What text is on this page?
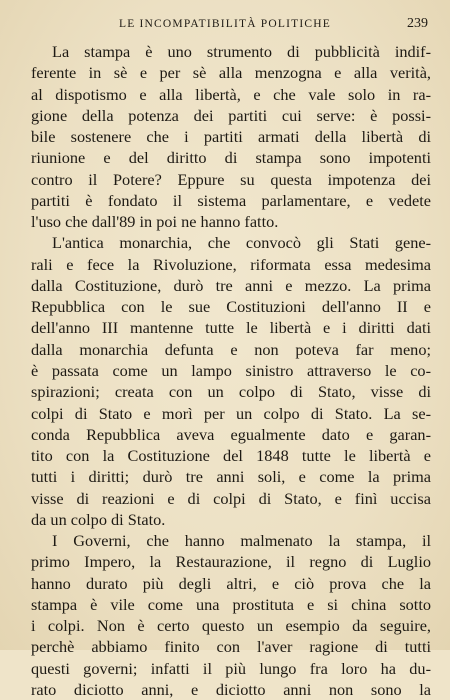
LE INCOMPATIBILITÀ POLITICHE	239
La stampa è uno strumento di pubblicità indif-
ferente in sè e per sè alla menzogna e alla verità,
al dispotismo e alla libertà, e che vale solo in ra-
gione della potenza dei partiti cui serve: è possi-
bile sostenere che i partiti armati della libertà di
riunione e del diritto di stampa sono impotenti
contro il Potere? Eppure su questa impotenza dei
partiti è fondato il sistema parlamentare, e vedete
l'uso che dall'89 in poi ne hanno fatto.
L'antica monarchia, che convocò gli Stati gene-
rali e fece la Rivoluzione, riformata essa medesima
dalla Costituzione, durò tre anni e mezzo. La prima
Repubblica con le sue Costituzioni dell'anno II e
dell'anno III mantenne tutte le libertà e i diritti dati
dalla monarchia defunta e non poteva far meno;
è passata come un lampo sinistro attraverso le co-
spirazioni; creata con un colpo di Stato, visse di
colpi di Stato e morì per un colpo di Stato. La se-
conda Repubblica aveva egualmente dato e garan-
tito con la Costituzione del 1848 tutte le libertà e
tutti i diritti; durò tre anni soli, e come la prima
visse di reazioni e di colpi di Stato, e finì uccisa
da un colpo di Stato.
I Governi, che hanno malmenato la stampa, il
primo Impero, la Restaurazione, il regno di Luglio
hanno durato più degli altri, e ciò prova che la
stampa è vile come una prostituta e si china sotto
i colpi. Non è certo questo un esempio da seguire,
perchè abbiamo finito con l'aver ragione di tutti
questi governi; infatti il più lungo fra loro ha du-
rato diciotto anni, e diciotto anni non sono la
